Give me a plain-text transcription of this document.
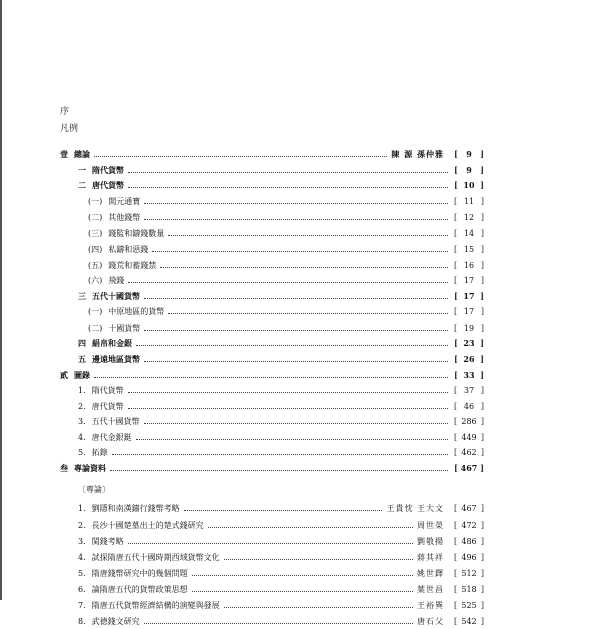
序
凡例
壹 總論	陳 源 孫仲雅 [ 9 ]
一 隋代貨幣	[ 9 ]
二 唐代貨幣	[ 10 ]
(一) 開元通寶	[ 11 ]
(二) 其他錢幣	[ 12 ]
(三) 錢監和鑄錢數量	[ 14 ]
(四) 私鑄和惡錢	[ 15 ]
(五) 錢荒和蓄錢禁	[ 16 ]
(六) 飛錢	[ 17 ]
三 五代十國貨幣	[ 17 ]
(一) 中原地區的貨幣	[ 17 ]
(二) 十國貨幣	[ 19 ]
四 絹帛和金銀	[ 23 ]
五 邊遠地區貨幣	[ 26 ]
貳 圖錄	[ 33 ]
1. 隋代貨幣	[ 37 ]
2. 唐代貨幣	[ 46 ]
3. 五代十國貨幣	[ 286 ]
4. 唐代金銀鋌	[ 449 ]
5. 拓錄	[ 462 ]
叁 專論資料	[ 467 ]
1. 劉隱和南漢鑄行錢幣考略	王貴忱 王大文 [ 467 ]
2. 長沙十國楚墓出土的楚式錢研究	周世榮 [ 472 ]
3. 閩錢考略	劉敬揚 [ 486 ]
4. 試探隋唐五代十國時期西域貨幣文化	蔣其祥 [ 496 ]
5. 隋唐錢幣研究中的幾個問題	姚世鐸 [ 512 ]
6. 論隋唐五代的貨幣政策思想	葉世昌 [ 518 ]
7. 隋唐五代貨幣經濟結構的演變與發展	王裕巽 [ 525 ]
8. 武德錢文研究	唐石父 [ 542 ]
〔專論〕
